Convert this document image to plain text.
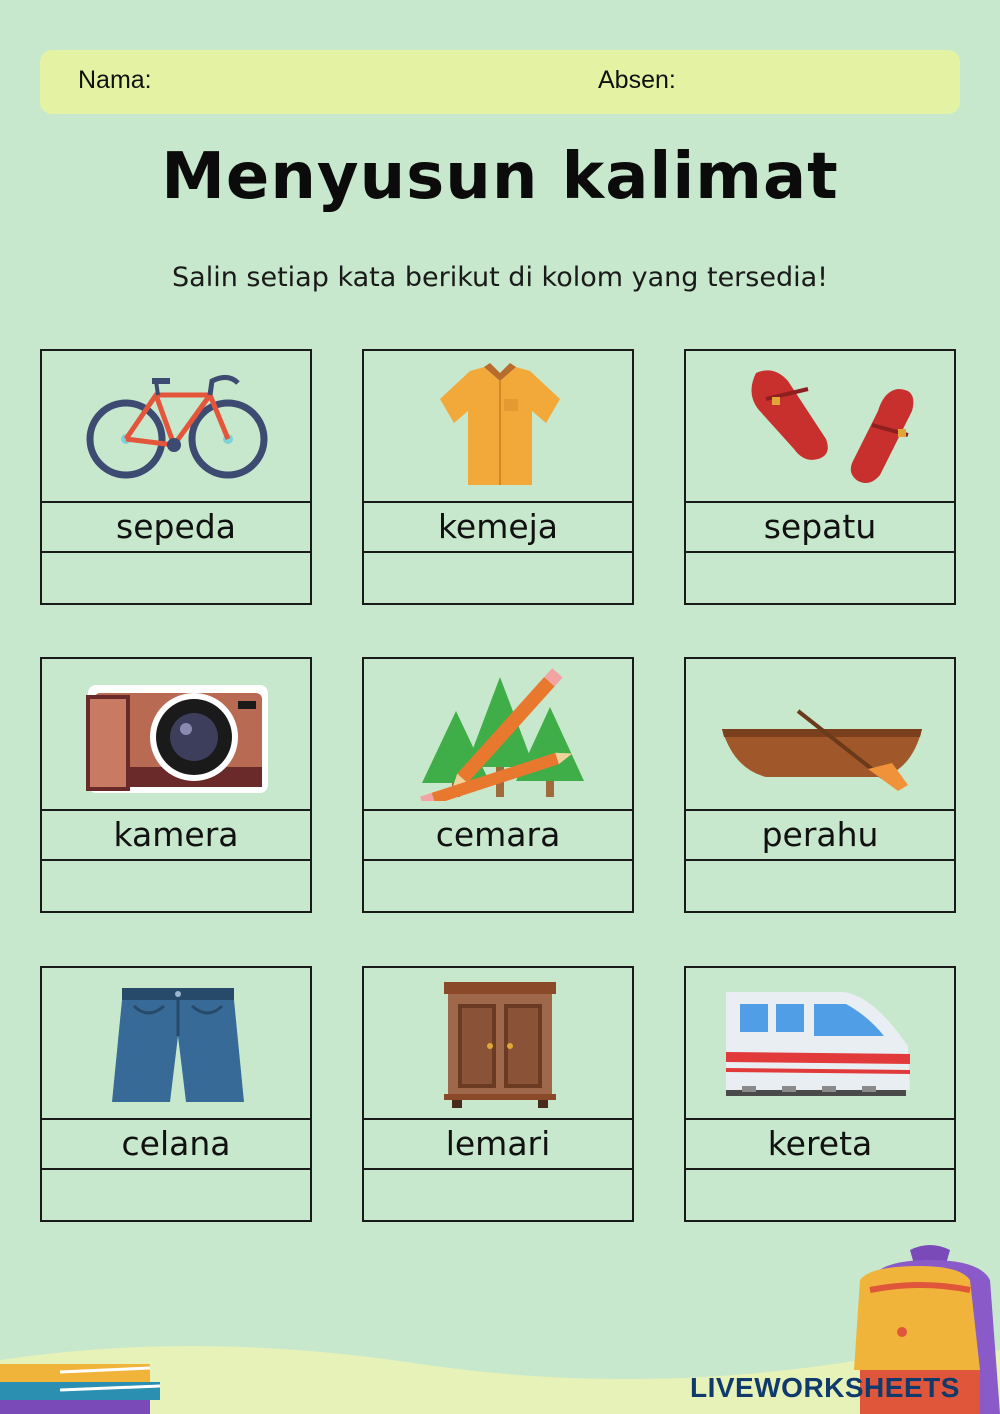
Nama:	Absen:
Menyusun kalimat
Salin setiap kata berikut di kolom yang tersedia!
sepeda	kemeja	sepatu
kamera	cemara	perahu
celana	lemari	kereta
LIVEWORKSHEETS
